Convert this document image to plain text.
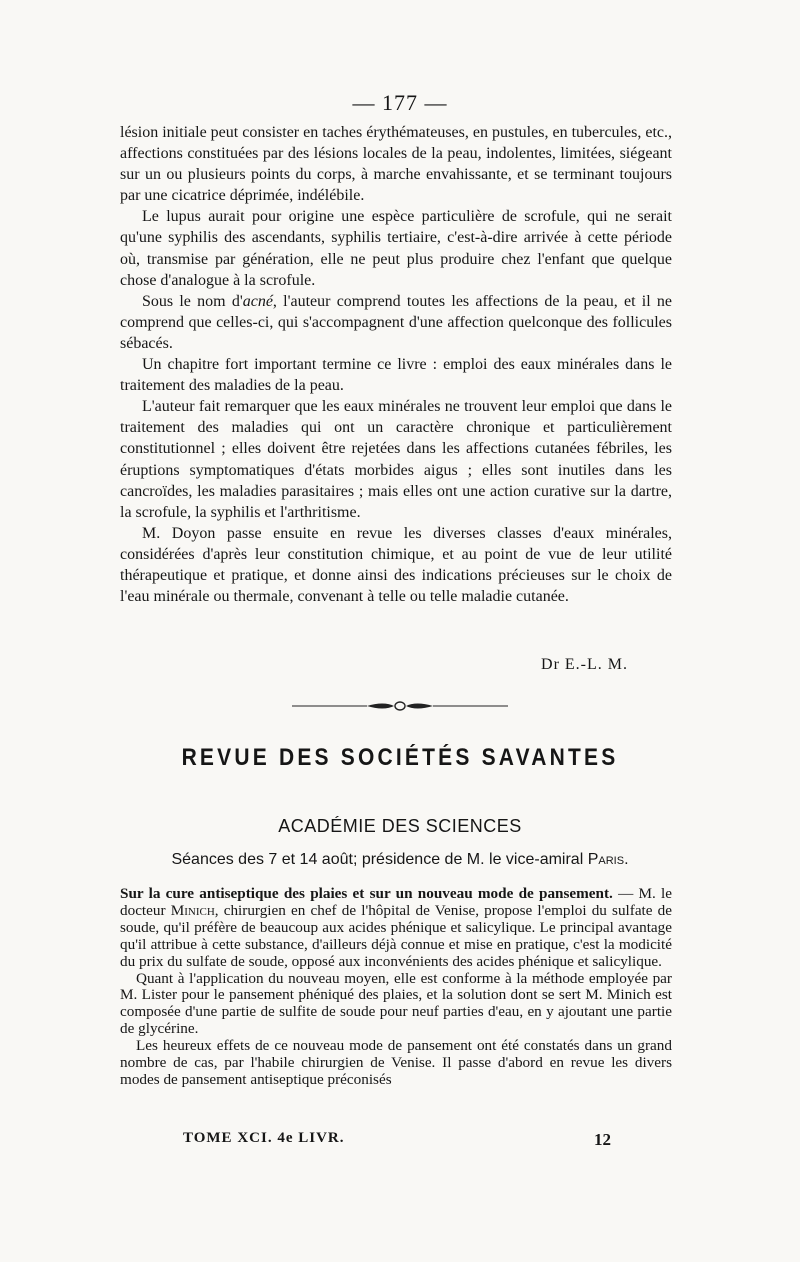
— 177 —

lésion initiale peut consister en taches érythémateuses, en pustules, en tubercules, etc., affections constituées par des lésions locales de la peau, indolentes, limitées, siégeant sur un ou plusieurs points du corps, à marche envahissante, et se terminant toujours par une cicatrice déprimée, indélébile.

Le lupus aurait pour origine une espèce particulière de scrofule, qui ne serait qu'une syphilis des ascendants, syphilis tertiaire, c'est-à-dire arrivée à cette période où, transmise par génération, elle ne peut plus produire chez l'enfant que quelque chose d'analogue à la scrofule.

Sous le nom d'acné, l'auteur comprend toutes les affections de la peau, et il ne comprend que celles-ci, qui s'accompagnent d'une affection quelconque des follicules sébacés.

Un chapitre fort important termine ce livre : emploi des eaux minérales dans le traitement des maladies de la peau.

L'auteur fait remarquer que les eaux minérales ne trouvent leur emploi que dans le traitement des maladies qui ont un caractère chronique et particulièrement constitutionnel ; elles doivent être rejetées dans les affections cutanées fébriles, les éruptions symptomatiques d'états morbides aigus ; elles sont inutiles dans les cancroïdes, les maladies parasitaires ; mais elles ont une action curative sur la dartre, la scrofule, la syphilis et l'arthritisme.

M. Doyon passe ensuite en revue les diverses classes d'eaux minérales, considérées d'après leur constitution chimique, et au point de vue de leur utilité thérapeutique et pratique, et donne ainsi des indications précieuses sur le choix de l'eau minérale ou thermale, convenant à telle ou telle maladie cutanée.

Dr E.-L. M.
REVUE DES SOCIÉTÉS SAVANTES
ACADÉMIE DES SCIENCES
Séances des 7 et 14 août; présidence de M. le vice-amiral Paris.

Sur la cure antiseptique des plaies et sur un nouveau mode de pansement. — M. le docteur Minich, chirurgien en chef de l'hôpital de Venise, propose l'emploi du sulfate de soude, qu'il préfère de beaucoup aux acides phénique et salicylique. Le principal avantage qu'il attribue à cette substance, d'ailleurs déjà connue et mise en pratique, c'est la modicité du prix du sulfate de soude, opposé aux inconvénients des acides phénique et salicylique.

Quant à l'application du nouveau moyen, elle est conforme à la méthode employée par M. Lister pour le pansement phéniqué des plaies, et la solution dont se sert M. Minich est composée d'une partie de sulfite de soude pour neuf parties d'eau, en y ajoutant une partie de glycérine.

Les heureux effets de ce nouveau mode de pansement ont été constatés dans un grand nombre de cas, par l'habile chirurgien de Venise. Il passe d'abord en revue les divers modes de pansement antiseptique préconisés

TOME XCI. 4e LIVR.	12
